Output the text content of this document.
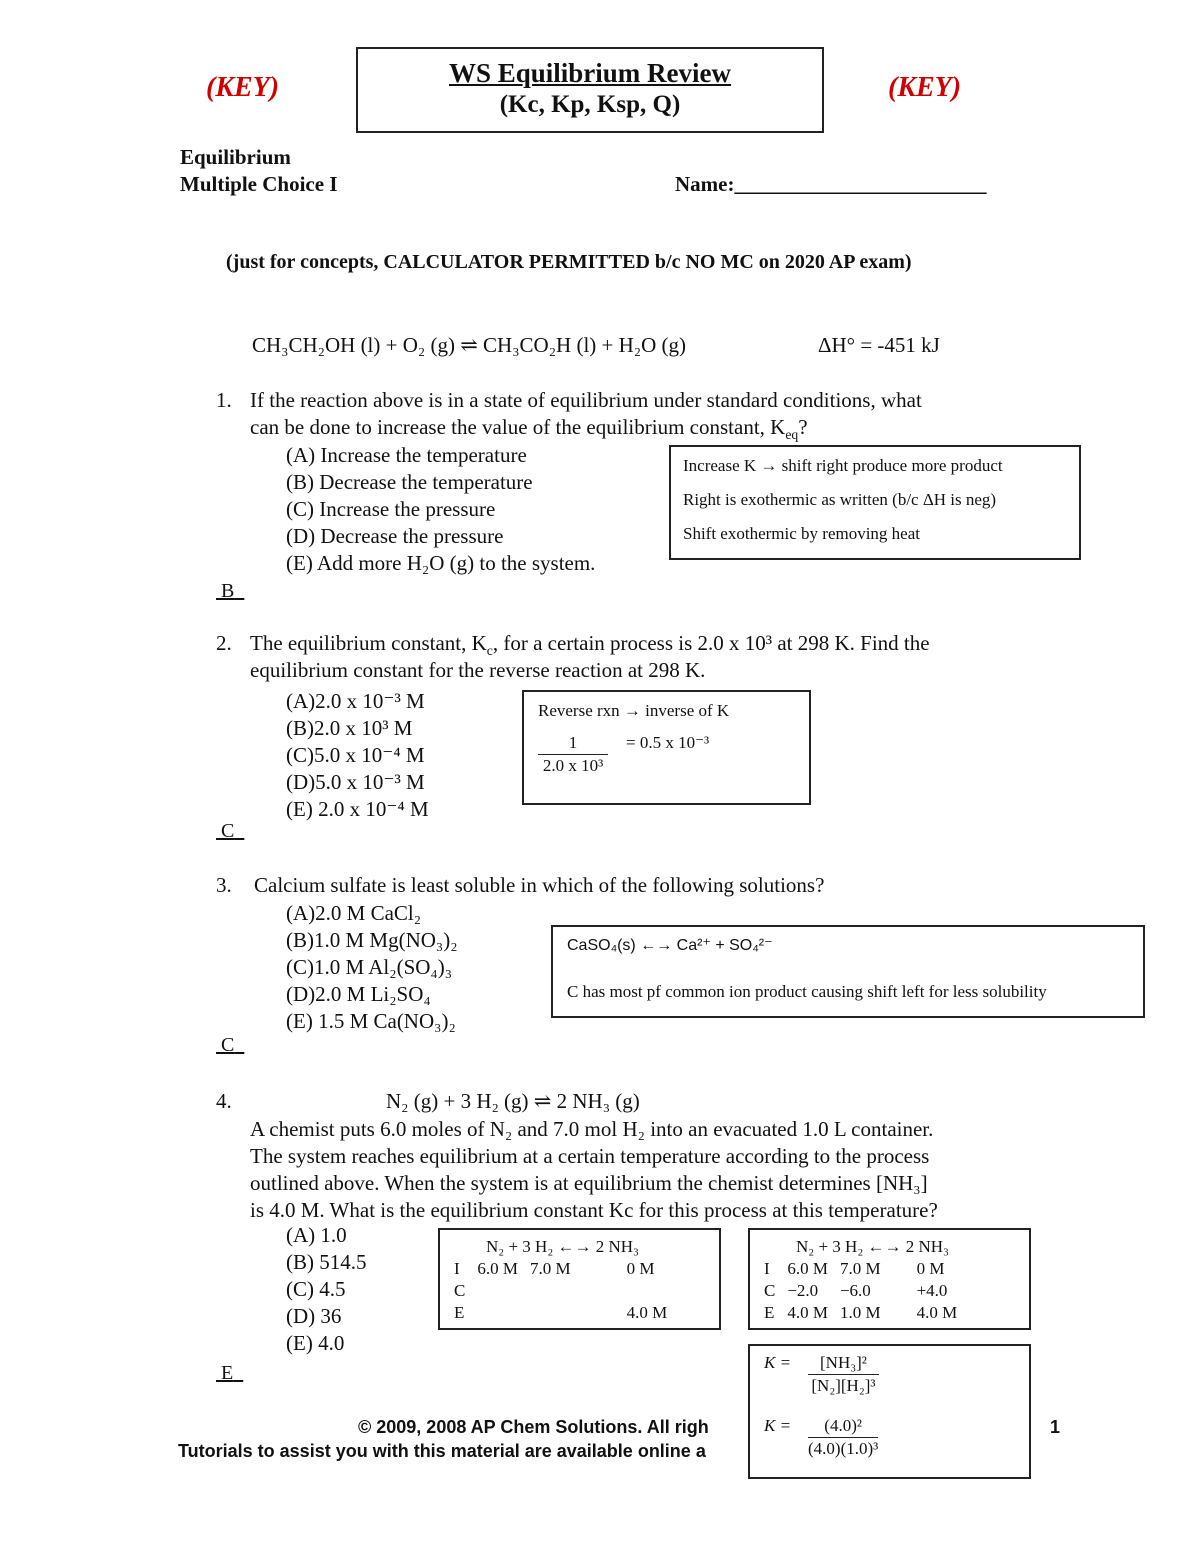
(KEY)	(KEY)
WS Equilibrium Review
(Kc, Kp, Ksp, Q)
Equilibrium
Multiple Choice I	Name:________________________
(just for concepts, CALCULATOR PERMITTED b/c NO MC on 2020 AP exam)
CH₃CH₂OH (l) + O₂ (g) ⇌ CH₃CO₂H (l) + H₂O (g)	ΔH° = -451 kJ
1. If the reaction above is in a state of equilibrium under standard conditions, what
can be done to increase the value of the equilibrium constant, $K_{eq}$?
(A) Increase the temperature
(B) Decrease the temperature
(C) Increase the pressure
(D) Decrease the pressure
(E) Add more H₂O (g) to the system.
B
Increase K → shift right produce more product
Right is exothermic as written (b/c ΔH is neg)
Shift exothermic by removing heat
2. The equilibrium constant, $K_c$, for a certain process is 2.0 x 10³ at 298 K. Find the
equilibrium constant for the reverse reaction at 298 K.
(A)2.0 x 10⁻³ M
(B)2.0 x 10³ M
(C)5.0 x 10⁻⁴ M
(D)5.0 x 10⁻³ M
(E) 2.0 x 10⁻⁴ M
C
Reverse rxn → inverse of K
$\frac{1}{\text{2.0 x 10³}} = 0.5$ x 10⁻³
3. Calcium sulfate is least soluble in which of the following solutions?
(A)2.0 M CaCl₂
(B)1.0 M Mg(NO₃)₂
(C)1.0 M Al₂(SO₄)₃
(D)2.0 M Li₂SO₄
(E) 1.5 M Ca(NO₃)₂
C
CaSO₄(s) ←→ Ca²⁺ + SO₄²⁻
C has most pf common ion product causing shift left for less solubility
4.	N₂ (g) + 3 H₂ (g) ⇌ 2 NH₃ (g)
A chemist puts 6.0 moles of N₂ and 7.0 mol H₂ into an evacuated 1.0 L container.
The system reaches equilibrium at a certain temperature according to the process
outlined above. When the system is at equilibrium the chemist determines [NH₃]
is 4.0 M. What is the equilibrium constant Kc for this process at this temperature?
(A) 1.0
(B) 514.5
(C) 4.5
(D) 36
(E) 4.0
E
N₂ + 3 H₂ ←→ 2 NH₃
I	6.0 M	7.0 M	0 M
C			
E			4.0 M
N₂ + 3 H₂ ←→ 2 NH₃
I	6.0 M	7.0 M	0 M
C	−2.0	−6.0	+4.0
E	4.0 M	1.0 M	4.0 M
© 2009, 2008 AP Chem Solutions. All righ
Tutorials to assist you with this material are available online a
1
$K = \frac{\text{[NH₃]²}}{\text{[N₂][H₂]³}}$
$K = \frac{\text{(4.0)²}}{\text{(4.0)(1.0)³}}$
